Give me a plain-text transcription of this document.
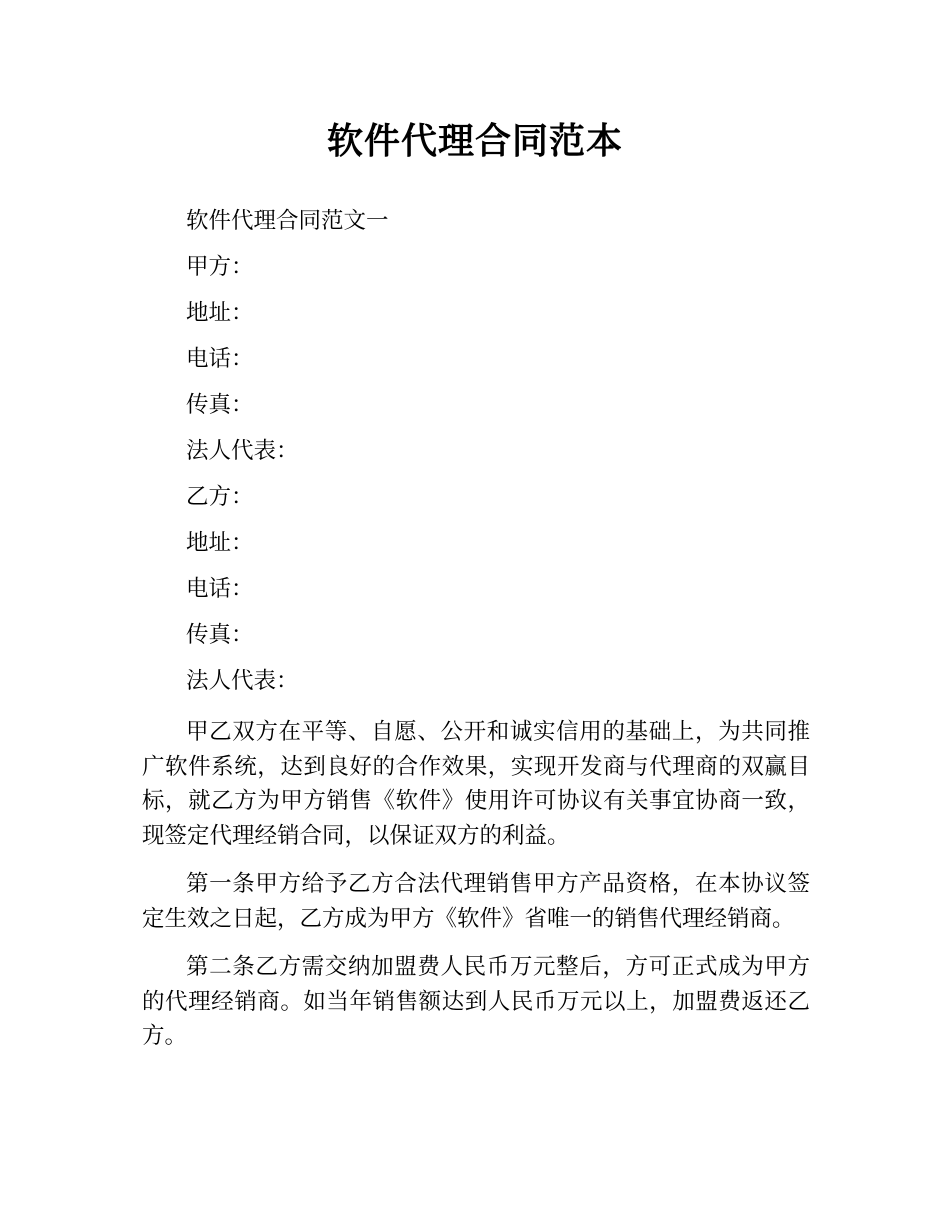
软件代理合同范本

软件代理合同范文一

甲方：

地址：

电话：

传真：

法人代表：

乙方：

地址：

电话：

传真：

法人代表：

甲乙双方在平等、自愿、公开和诚实信用的基础上，为共同推广软件系统，达到良好的合作效果，实现开发商与代理商的双赢目标，就乙方为甲方销售《软件》使用许可协议有关事宜协商一致，现签定代理经销合同，以保证双方的利益。

第一条甲方给予乙方合法代理销售甲方产品资格，在本协议签定生效之日起，乙方成为甲方《软件》省唯一的销售代理经销商。

第二条乙方需交纳加盟费人民币万元整后，方可正式成为甲方的代理经销商。如当年销售额达到人民币万元以上，加盟费返还乙方。
